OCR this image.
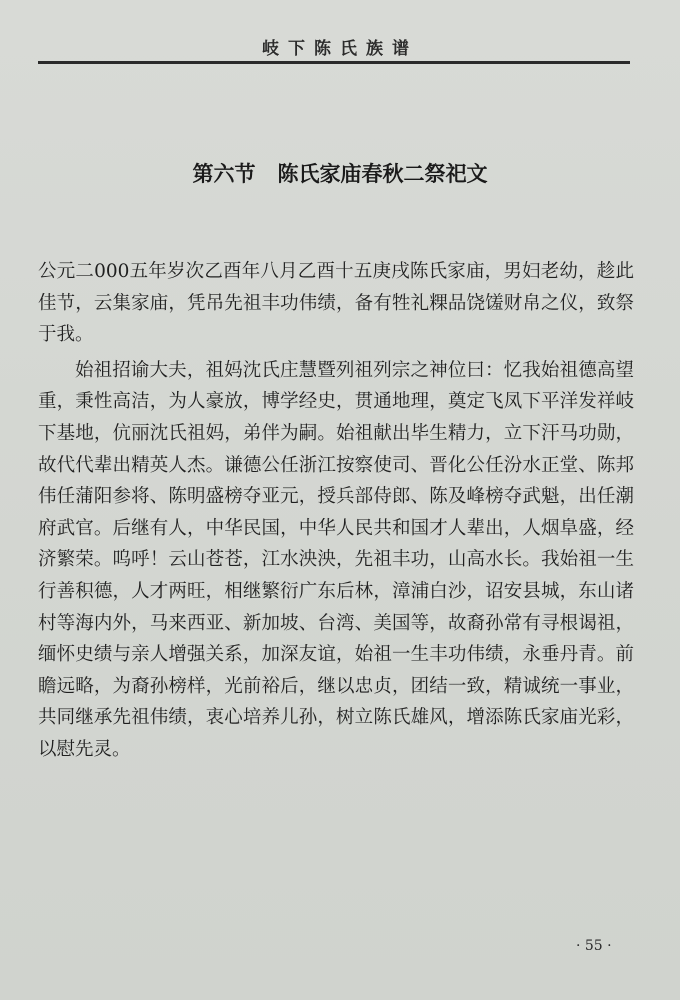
岐下陈氏族谱
第六节 陈氏家庙春秋二祭祀文

公元二000五年岁次乙酉年八月乙酉十五庚戌陈氏家庙，男妇老幼，趁此佳节，云集家庙，凭吊先祖丰功伟绩，备有牲礼粿品饶馐财帛之仪，致祭于我。

始祖招谕大夫，祖妈沈氏庄慧暨列祖列宗之神位曰：忆我始祖德高望重，秉性高洁，为人豪放，博学经史，贯通地理，奠定飞凤下平洋发祥岐下基地，伉丽沈氏祖妈，弟伴为嗣。始祖献出毕生精力，立下汗马功勋，故代代辈出精英人杰。谦德公任浙江按察使司、晋化公任汾水正堂、陈邦伟任蒲阳参将、陈明盛榜夺亚元，授兵部侍郎、陈及峰榜夺武魁，出任潮府武官。后继有人，中华民国，中华人民共和国才人辈出，人烟阜盛，经济繁荣。呜呼！云山苍苍，江水泱泱，先祖丰功，山高水长。我始祖一生行善积德，人才两旺，相继繁衍广东后林，漳浦白沙，诏安县城，东山诸村等海内外，马来西亚、新加坡、台湾、美国等，故裔孙常有寻根谒祖，缅怀史绩与亲人增强关系，加深友谊，始祖一生丰功伟绩，永垂丹青。前瞻远略，为裔孙榜样，光前裕后，继以忠贞，团结一致，精诚统一事业，共同继承先祖伟绩，衷心培养儿孙，树立陈氏雄风，增添陈氏家庙光彩，以慰先灵。

· 55 ·
